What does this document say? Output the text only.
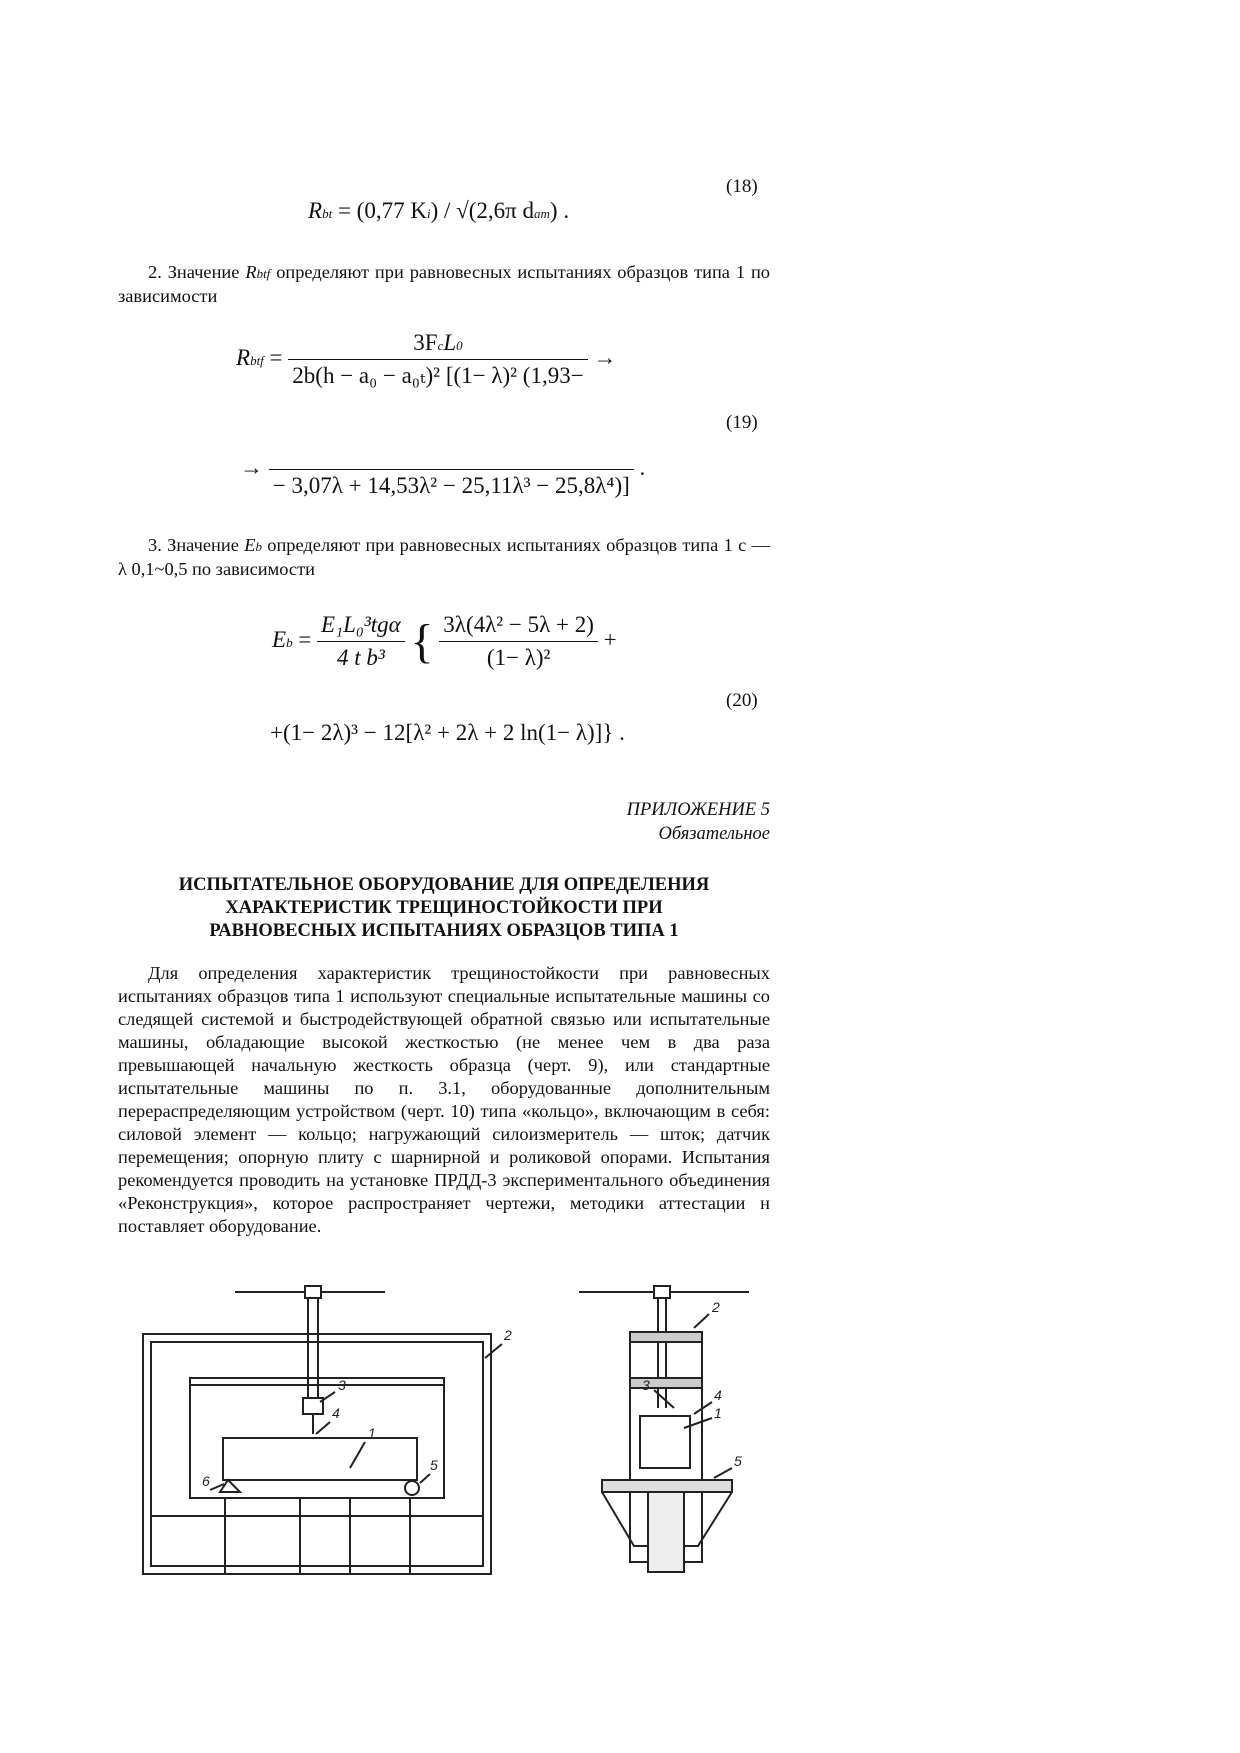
(18)
Rbt = (0,77 Ki) / √(2,6π dam) .
2. Значение Rbtf определяют при равновесных испытаниях образцов типа 1 по зависимости
Rbtf = $\frac{\text{3FcL0}}{\text{2b(h − a₀ − a₀ₜ)² [(1− λ)² (1,93−}}$ →
(19)
→

− 3,07λ + 14,53λ² − 25,11λ³ − 25,8λ⁴)]
.
3. Значение Eb определяют при равновесных испытаниях образцов типа 1 с — λ 0,1~0,5 по зависимости
$Eb = \frac{\text{E₁L₀³tgα}}{\text{4 t b³}}$ { $\frac{\text{3λ(4λ² − 5λ + 2)}}{\text{(1− λ)²}}$ +
(20)
+(1− 2λ)³ − 12[λ² + 2λ + 2 ln(1− λ)]} .
ПРИЛОЖЕНИЕ 5
Обязательное
ИСПЫТАТЕЛЬНОЕ ОБОРУДОВАНИЕ ДЛЯ ОПРЕДЕЛЕНИЯ
ХАРАКТЕРИСТИК ТРЕЩИНОСТОЙКОСТИ ПРИ
РАВНОВЕСНЫХ ИСПЫТАНИЯХ ОБРАЗЦОВ ТИПА 1
Для определения характеристик трещиностойкости при равновесных испытаниях образцов типа 1 используют специальные испытательные машины со следящей системой и быстродействующей обратной связью или испытательные машины, обладающие высокой жесткостью (не менее чем в два раза превышающей начальную жесткость образца (черт. 9), или стандартные испытательные машины по п. 3.1, оборудованные дополнительным перераспределяющим устройством (черт. 10) типа «кольцо», включающим в себя: силовой элемент — кольцо; нагружающий силоизмеритель — шток; датчик перемещения; опорную плиту с шарнирной и роликовой опорами. Испытания рекомендуется проводить на установке ПРДД-3 экспериментального объединения «Реконструкция», которое распространяет чертежи, методики аттестации н поставляет оборудование.
1
2
3
4
5
6
2
3
4
1
5
